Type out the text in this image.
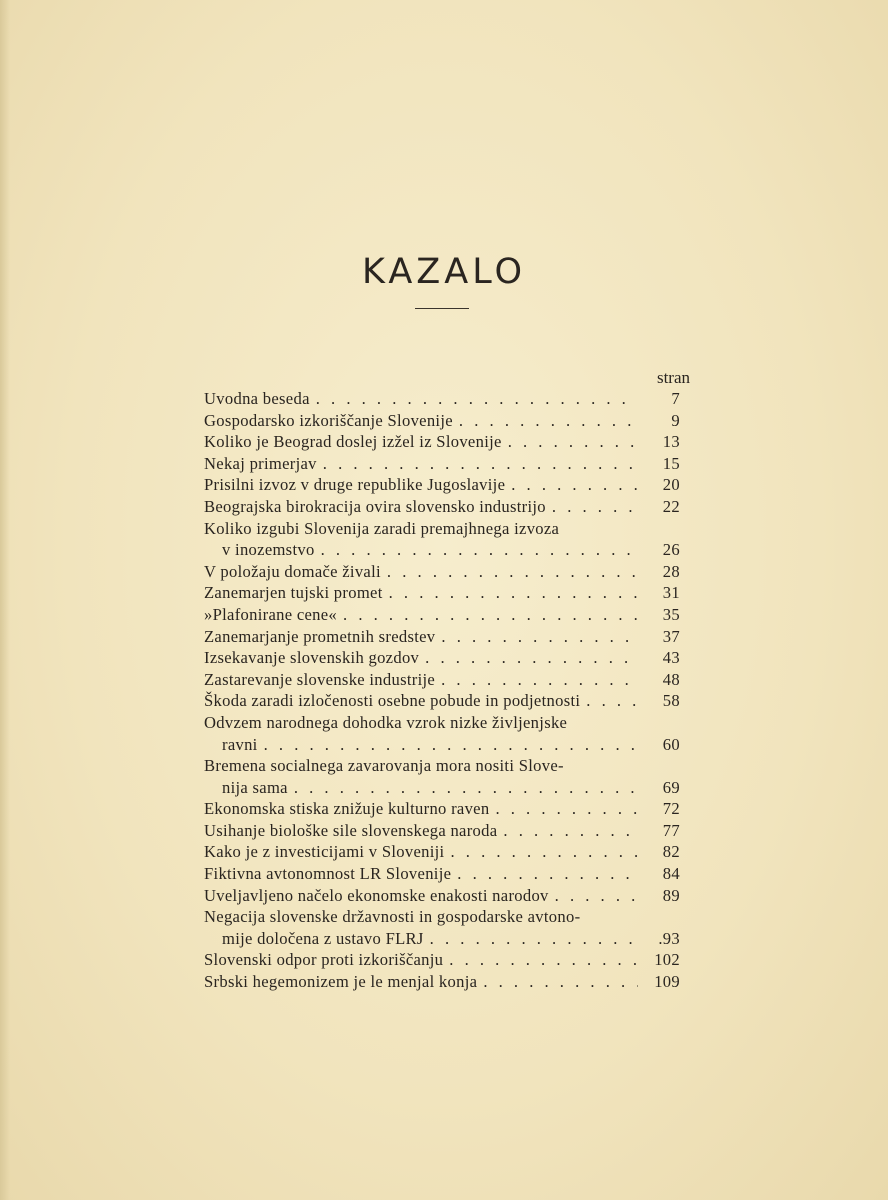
KAZALO
stran
Uvodna beseda . . .	7
Gospodarsko izkoriščanje Slovenije . . .	9
Koliko je Beograd doslej izžel iz Slovenije . . .	13
Nekaj primerjav . . .	15
Prisilni izvoz v druge republike Jugoslavije . . .	20
Beograjska birokracija ovira slovensko industrijo . . .	22
Koliko izgubi Slovenija zaradi premajhnega izvoza
v inozemstvo . . .	26
V položaju domače živali . . .	28
Zanemarjen tujski promet . . .	31
»Plafonirane cene« . . .	35
Zanemarjanje prometnih sredstev . . .	37
Izsekavanje slovenskih gozdov . . .	43
Zastarevanje slovenske industrije . . .	48
Škoda zaradi izločenosti osebne pobude in podjetnosti . . .	58
Odvzem narodnega dohodka vzrok nizke življenjske
ravni . . .	60
Bremena socialnega zavarovanja mora nositi Slove-
nija sama . . .	69
Ekonomska stiska znižuje kulturno raven . . .	72
Usihanje biološke sile slovenskega naroda . . .	77
Kako je z investicijami v Sloveniji . . .	82
Fiktivna avtonomnost LR Slovenije . . .	84
Uveljavljeno načelo ekonomske enakosti narodov . . .	89
Negacija slovenske državnosti in gospodarske avtono-
mije določena z ustavo FLRJ . . .	.93
Slovenski odpor proti izkoriščanju . . .	102
Srbski hegemonizem je le menjal konja . . .	109
